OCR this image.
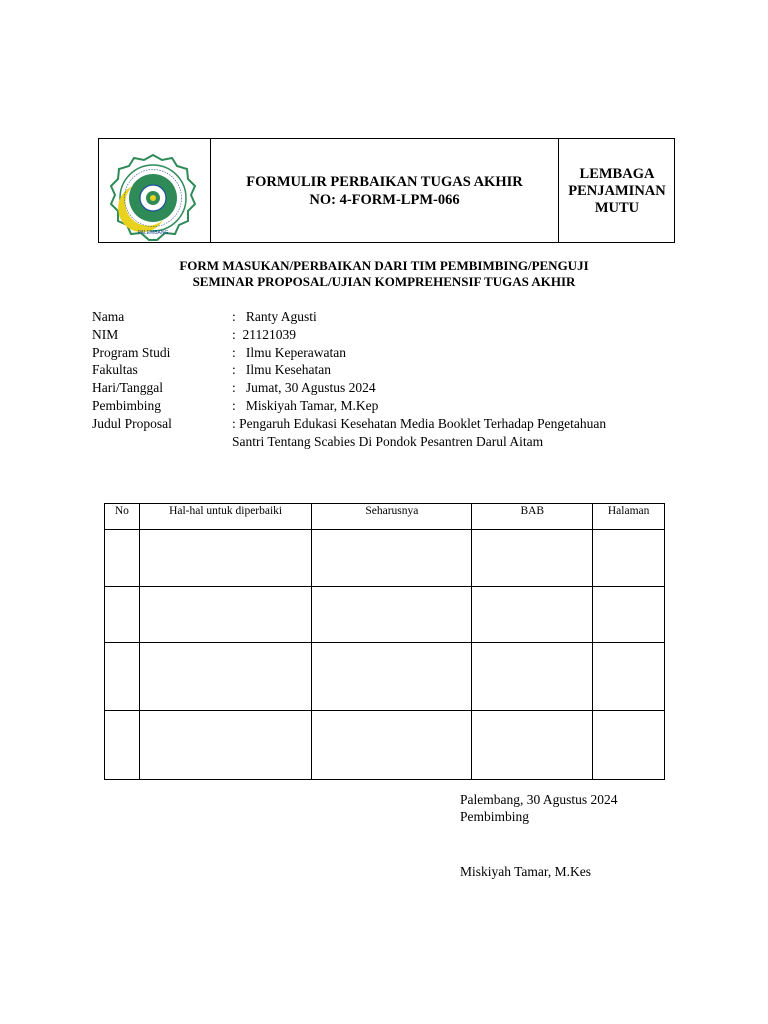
PALEMBANG
FORMULIR PERBAIKAN TUGAS AKHIR
NO: 4-FORM-LPM-066
LEMBAGA
PENJAMINAN
MUTU
FORM MASUKAN/PERBAIKAN DARI TIM PEMBIMBING/PENGUJI
SEMINAR PROPOSAL/UJIAN KOMPREHENSIF TUGAS AKHIR
Nama	:   Ranty Agusti
NIM	:  21121039
Program Studi	:   Ilmu Keperawatan
Fakultas	:   Ilmu Kesehatan
Hari/Tanggal	:   Jumat, 30 Agustus 2024
Pembimbing	:   Miskiyah Tamar, M.Kep
Judul Proposal	: Pengaruh Edukasi Kesehatan Media Booklet Terhadap Pengetahuan
Santri Tentang Scabies Di Pondok Pesantren Darul Aitam
No	Hal-hal untuk diperbaiki	Seharusnya	BAB	Halaman

Palembang, 30 Agustus 2024
Pembimbing
Miskiyah Tamar, M.Kes
